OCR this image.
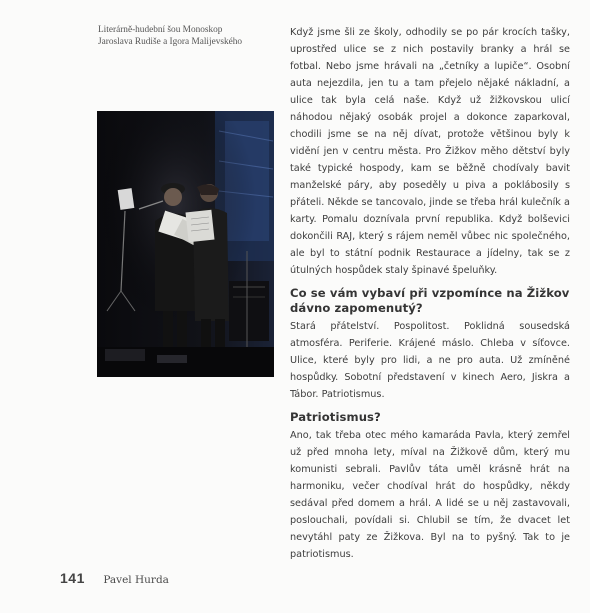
Literárně-hudební šou Monoskop
Jaroslava Rudiše a Igora Malijevského

Když jsme šli ze školy, odhodily se po pár krocích tašky, uprostřed ulice se z nich postavily branky a hrál se fotbal. Nebo jsme hrávali na „četníky a lupiče“. Osobní auta nejezdila, jen tu a tam přejelo nějaké nákladní, a ulice tak byla celá naše. Když už žižkovskou ulicí náhodou nějaký osobák projel a dokonce zaparkoval, chodili jsme se na něj dívat, protože většinou byly k vidění jen v centru města. Pro Žižkov měho dětství byly také typické hospody, kam se běžně chodívaly bavit manželské páry, aby poseděly u piva a poklábosily s přáteli. Někde se tancovalo, jinde se třeba hrál kulečník a karty. Pomalu doznívala první republika. Když bolševici dokončili RAJ, který s rájem neměl vůbec nic společného, ale byl to státní podnik Restaurace a jídelny, tak se z útulných hospůdek staly špinavé špeluňky.

Co se vám vybaví při vzpomínce na Žižkov dávno zapomenutý?

Stará přátelství. Pospolitost. Poklidná sousedská atmosféra. Periferie. Krájené máslo. Chleba v síťovce. Ulice, které byly pro lidi, a ne pro auta. Už zmíněné hospůdky. Sobotní představení v kinech Aero, Jiskra a Tábor. Patriotismus.

Patriotismus?

Ano, tak třeba otec mého kamaráda Pavla, který zemřel už před mnoha lety, míval na Žižkově dům, který mu komunisti sebrali. Pavlův táta uměl krásně hrát na harmoniku, večer chodíval hrát do hospůdky, někdy sedával před domem a hrál. A lidé se u něj zastavovali, poslouchali, povídali si. Chlubil se tím, že dvacet let nevytáhl paty ze Žižkova. Byl na to pyšný. Tak to je patriotismus.

141 Pavel Hurda
